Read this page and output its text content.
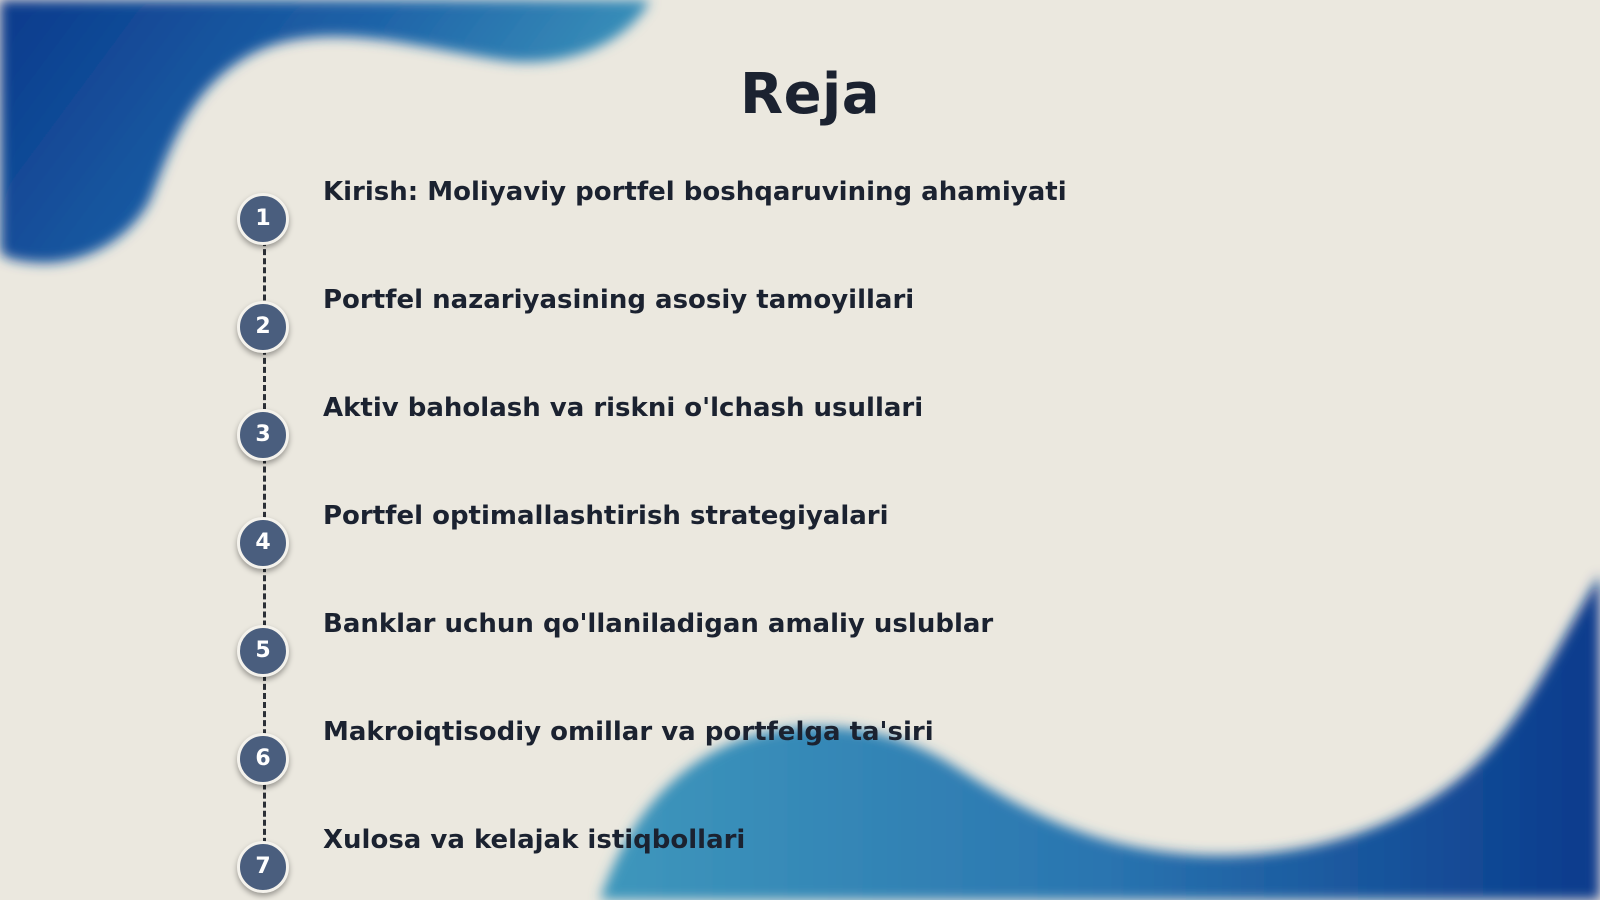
Reja
1
Kirish: Moliyaviy portfel boshqaruvining ahamiyati
2
Portfel nazariyasining asosiy tamoyillari
3
Aktiv baholash va riskni o'lchash usullari
4
Portfel optimallashtirish strategiyalari
5
Banklar uchun qo'llaniladigan amaliy uslublar
6
Makroiqtisodiy omillar va portfelga ta'siri
7
Xulosa va kelajak istiqbollari
